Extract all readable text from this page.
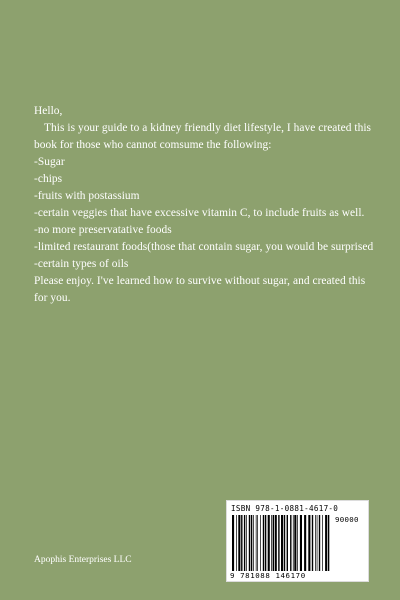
Hello,

This is your guide to a kidney friendly diet lifestyle, I have created this book for those who cannot comsume the following:

-Sugar

-chips

-fruits with postassium

-certain veggies that have excessive vitamin C, to include fruits as well.

-no more preservatative foods

-limited restaurant foods(those that contain sugar, you would be surprised

-certain types of oils

Please enjoy. I've learned how to survive without sugar, and created this for you.

Apophis Enterprises LLC
ISBN 978-1-0881-4617-0
9 781088 146170
90000
